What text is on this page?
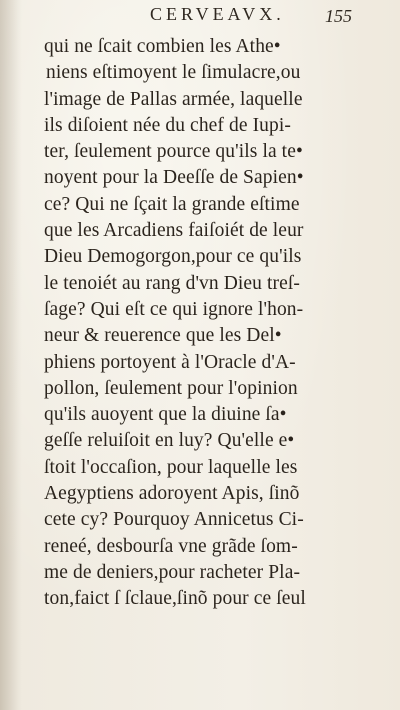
CERVEAVX. 155
qui ne ſcait combien les Athe•
niens eſtimoyent le ſimulacre,ou
l'image de Pallas armée, laquelle
ils diſoient née du chef de Iupi-
ter, ſeulement pource qu'ils la te•
noyent pour la Deeſſe de Sapien•
ce? Qui ne ſçait la grande eſtime
que les Arcadiens faiſoiét de leur
Dieu Demogorgon,pour ce qu'ils
le tenoiét au rang d'vn Dieu treſ-
ſage? Qui eſt ce qui ignore l'hon-
neur & reuerence que les Del•
phiens portoyent à l'Oracle d'A-
pollon, ſeulement pour l'opinion
qu'ils auoyent que la diuine ſa•
geſſe reluiſoit en luy? Qu'elle e•
ſtoit l'occaſion, pour laquelle les
Aegyptiens adoroyent Apis, ſinõ
cete cy? Pourquoy Annicetus Ci-
reneé, desbourſa vne grãde ſom-
me de deniers,pour racheter Pla-
ton,faict ſ ſclaue,ſinõ pour ce ſeul
